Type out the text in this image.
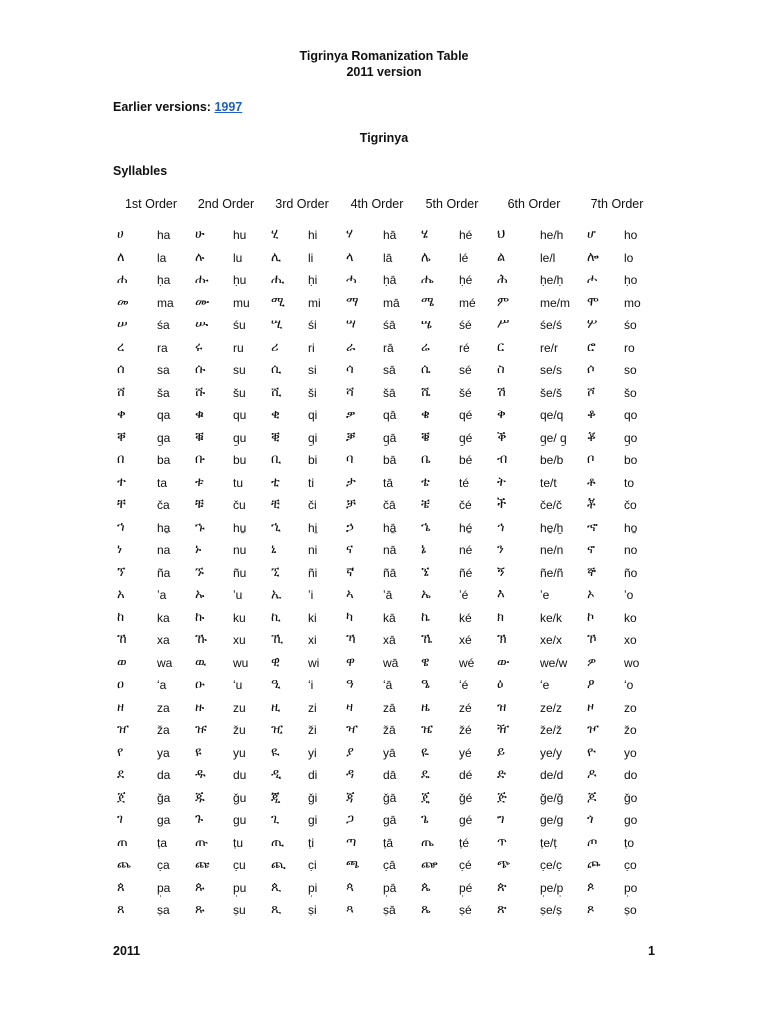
Tigrinya Romanization Table
2011 version
Earlier versions: 1997
Tigrinya
Syllables
1st Order 2nd Order 3rd Order 4th Order 5th Order 6th Order 7th Order
ሀ	ha ሁ hu ሂ hi ሃ	hā ሄ	hé ህ	he/h ሆ ho
ለ	la ሉ lu ሊ li	ላ lā ሌ lé ል	le/l ሎ lo
ሐ ḥa ሑ ḥu ሒ ḥi ሓ ḥā ሔ ḥé ሕ	ḥe/ḥ ሖ ḥo
መ ma ሙ mu ሚ mi ማ mā ሜ mé ም	me/m ሞ mo
ሠ śa ሡ śu ሢ śi ሣ śā ሤ śé ሥ	śe/ś ሦ śo
ረ	ra ሩ	ru ሪ ri ራ rā ሬ ré ር	re/r ሮ ro
ሰ	sa ሱ su ሲ si ሳ sā ሴ sé ስ	se/s ሶ so
ሸ	ša ሹ šu ሺ ši ሻ šā ሼ šé ሽ	še/š ሾ šo
ቀ	qa ቁ qu ቂ qi ቃ qā ቄ qé ቅ	qe/q ቆ qo
ቐ	q̱a ቑ q̱u ቒ q̱i ቓ q̱ā ቔ q̱é ቕ	q̱e/ q̱ ቖ q̱o
በ	ba ቡ bu ቢ bi ባ bā ቤ bé ብ	be/b ቦ bo
ተ	ta ቱ tu ቲ ti ታ tā ቴ té ት	te/t ቶ to
ቸ	ča ቹ ču ቺ či ቻ čā ቼ čé ች	če/č ቾ čo
ኀ	ha̱ ኁ hu̱ ኂ hi̱ ኃ hā̱ ኄ hé̱ ኅ	he̱/ẖ ኆ ho̱
ነ	na ኑ	nu ኒ	ni ና	nā ኔ	né ን	ne/n ኖ no
ኘ	ña ኙ ñu ኚ ñi ኛ ñā ኜ ñé ኝ	ñe/ñ ኞ ño
አ	ʼa ኡ ʼu ኢ ʼi	ኣ ʼā ኤ ʼé እ	ʼe	ኦ ʼo
ከ	ka ኩ ku ኪ ki ካ kā ኬ ké ክ	ke/k ኮ ko
ኸ	xa ኹ xu ኺ xi ኻ xā ኼ xé ኽ	xe/x ኾ xo
ወ	wa ዉ wu ዊ wi ዋ wā ዌ wé ው	we/w ዎ wo
ዐ	ʻa ዑ ʻu ዒ ʻi	ዓ ʻā ዔ ʻé ዕ	ʻe	ዖ ʻo
ዘ	za ዙ zu ዚ zi ዛ zā ዜ zé ዝ	ze/z ዞ zo
ዠ ža ዡ žu ዢ ži ዣ žā ዤ žé ዥ	že/ž ዦ žo
የ	ya ዩ	yu ዪ yi ያ yā ዬ	yé ይ	ye/y ዮ yo
ደ	da ዱ du ዲ di ዳ dā ዴ dé ድ	de/d ዶ do
ጀ	ǧa ጁ ǧu ጂ ǧi ጃ ǧā ጄ ǧé ጅ	ǧe/ǧ ጆ ǧo
ገ	ga ጉ gu ጊ gi ጋ gā ጌ	gé ግ	ge/g ጎ	go
ጠ ṭa ጡ ṭu ጢ ṭi ጣ ṭā ጤ ṭé ጥ	ṭe/ṭ ጦ ṭo
ጨ c̣a ጩ c̣u ጪ c̣i ጫ c̣ā ጬ c̣é ጭ c̣e/c̣ ጮ c̣o
ጰ	p̣a ጱ p̣u ጲ p̣i ጳ p̣ā ጴ p̣é ጵ	p̣e/p̣ ጶ p̣o
ጸ	ṣa ጹ ṣu ጺ ṣi ጻ ṣā ጼ ṣé ጽ	ṣe/ṣ ጾ ṣo
2011	1
